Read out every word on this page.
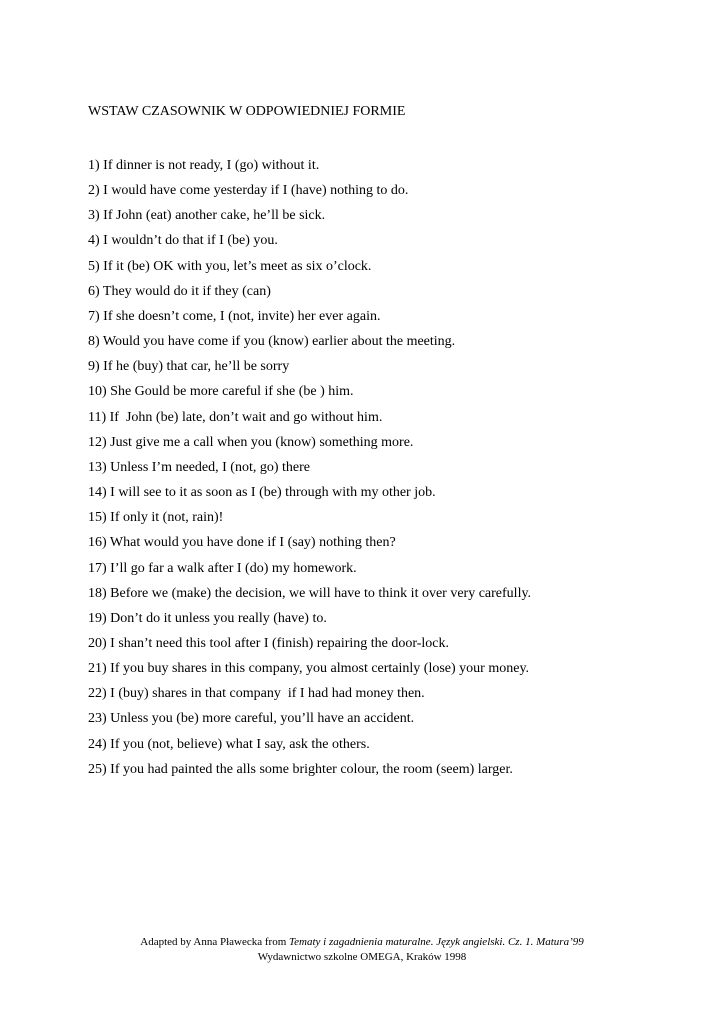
WSTAW CZASOWNIK W ODPOWIEDNIEJ FORMIE
1) If dinner is not ready, I (go) without it.
2) I would have come yesterday if I (have) nothing to do.
3) If John (eat) another cake, he’ll be sick.
4) I wouldn’t do that if I (be) you.
5) If it (be) OK with you, let’s meet as six o’clock.
6) They would do it if they (can)
7) If she doesn’t come, I (not, invite) her ever again.
8) Would you have come if you (know) earlier about the meeting.
9) If he (buy) that car, he’ll be sorry
10) She Gould be more careful if she (be ) him.
11) If  John (be) late, don’t wait and go without him.
12) Just give me a call when you (know) something more.
13) Unless I’m needed, I (not, go) there
14) I will see to it as soon as I (be) through with my other job.
15) If only it (not, rain)!
16) What would you have done if I (say) nothing then?
17) I’ll go far a walk after I (do) my homework.
18) Before we (make) the decision, we will have to think it over very carefully.
19) Don’t do it unless you really (have) to.
20) I shan’t need this tool after I (finish) repairing the door-lock.
21) If you buy shares in this company, you almost certainly (lose) your money.
22) I (buy) shares in that company  if I had had money then.
23) Unless you (be) more careful, you’ll have an accident.
24) If you (not, believe) what I say, ask the others.
25) If you had painted the alls some brighter colour, the room (seem) larger.
Adapted by Anna Pławecka from Tematy i zagadnienia maturalne. Język angielski. Cz. 1. Matura’99
Wydawnictwo szkolne OMEGA, Kraków 1998
